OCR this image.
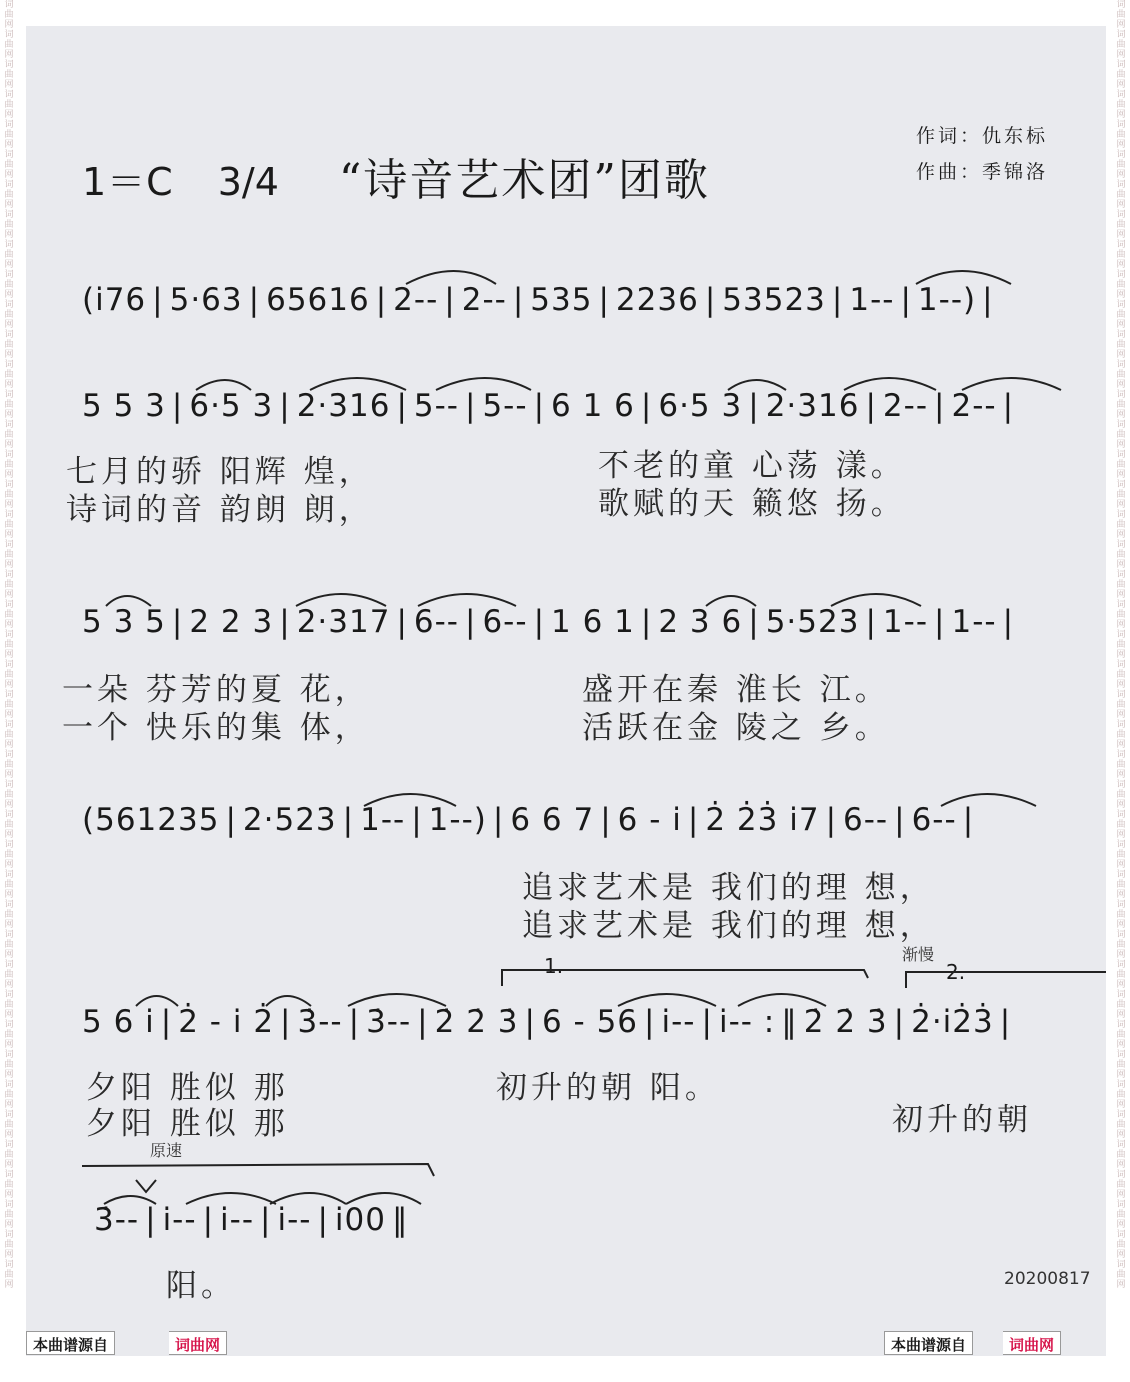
词曲网词曲网词曲网词曲网词曲网词曲网词曲网词曲网词曲网词曲网词曲网词曲网词曲网词曲网词曲网词曲网词曲网词曲网词曲网词曲网词曲网词曲网词曲网词曲网词曲网词曲网词曲网词曲网词曲网词曲网词曲网词曲网词曲网词曲网词曲网词曲网词曲网词曲网词曲网词曲网词曲网词曲网词曲网
词曲网词曲网词曲网词曲网词曲网词曲网词曲网词曲网词曲网词曲网词曲网词曲网词曲网词曲网词曲网词曲网词曲网词曲网词曲网词曲网词曲网词曲网词曲网词曲网词曲网词曲网词曲网词曲网词曲网词曲网词曲网词曲网词曲网词曲网词曲网词曲网词曲网词曲网词曲网词曲网词曲网词曲网词曲网
1＝C 3/4 “诗音艺术团”团歌
作词：仇东标
作曲：季锦洛
(i̇76 | 5·63 | 65616 | 2-- | 2-- | 535 | 2236 | 53523 | 1-- | 1--) |
5 5 3 | 6·5 3 | 2·316 | 5-- | 5-- | 6 1 6 | 6·5 3 | 2·316 | 2-- | 2-- |
七月的骄 阳辉 煌，	不老的童 心荡 漾。
诗词的音 韵朗 朗，	歌赋的天 籁悠 扬。
5 3 5 | 2 2 3 | 2·317 | 6-- | 6-- | 1 6 1 | 2 3 6 | 5·523 | 1-- | 1-- |
一朵 芬芳的夏 花，	盛开在秦 淮长 江。
一个 快乐的集 体，	活跃在金 陵之 乡。
(561235 | 2·523 | 1-- | 1--) | 6 6 7 | 6 - i̇ | 2̇ 2̇3̇ i̇7 | 6-- | 6-- |
追求艺术是 我们的理 想，
追求艺术是 我们的理 想，
1.	2.
渐慢
5 6 i̇ | 2̇ - i̇ 2̇ | 3̇-- | 3̇-- | 2̇ 2̇ 3̇ | 6 - 56 | i̇-- | i̇-- : ‖ 2̇ 2̇ 3̇ | 2̇·i̇2̇3̇ |
夕阳 胜似 那	初升的朝 阳。
夕阳 胜似 那	初升的朝
原速
3̇-- | i̇-- | i̇-- | i̇-- | i̇00 ‖
阳。	20200817
本曲谱源自	词曲网	本曲谱源自	词曲网
